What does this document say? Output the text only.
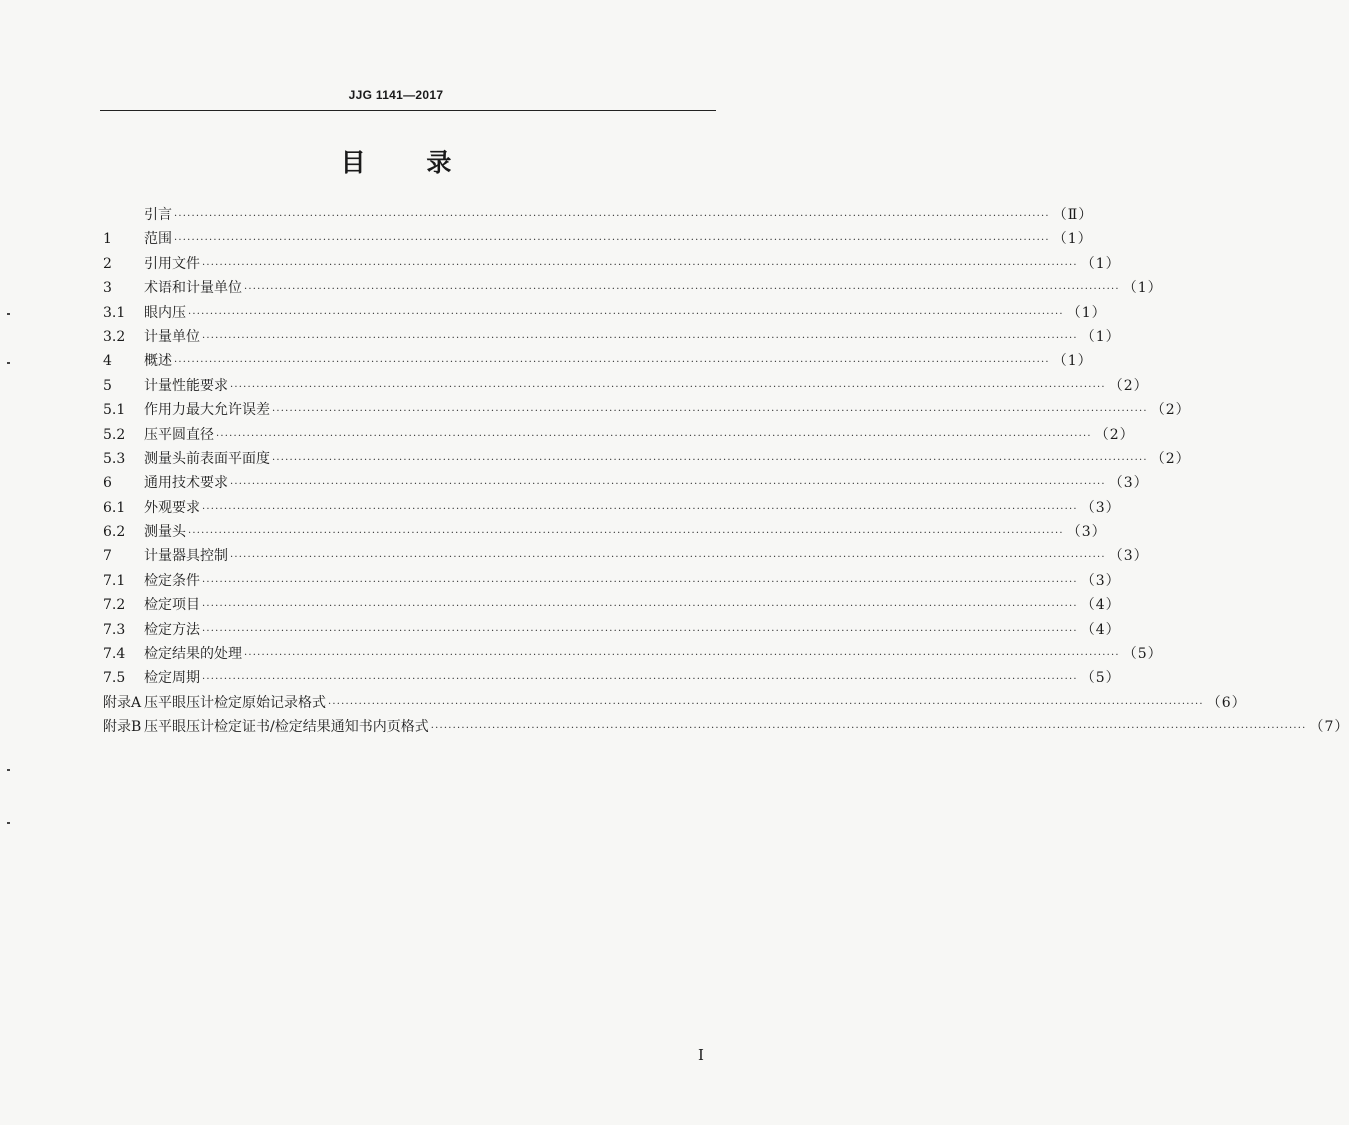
JJG 1141—2017
目 录
引言 ········································································································································································································ （Ⅱ）
1	范围 ········································································································································································································ （1）
2	引用文件 ········································································································································································································ （1）
3	术语和计量单位 ········································································································································································································ （1）
3.1	眼内压 ········································································································································································································ （1）
3.2	计量单位 ········································································································································································································ （1）
4	概述 ········································································································································································································ （1）
5	计量性能要求 ········································································································································································································ （2）
5.1	作用力最大允许误差 ········································································································································································································ （2）
5.2	压平圆直径 ········································································································································································································ （2）
5.3	测量头前表面平面度 ········································································································································································································ （2）
6	通用技术要求 ········································································································································································································ （3）
6.1	外观要求 ········································································································································································································ （3）
6.2	测量头 ········································································································································································································ （3）
7	计量器具控制 ········································································································································································································ （3）
7.1	检定条件 ········································································································································································································ （3）
7.2	检定项目 ········································································································································································································ （4）
7.3	检定方法 ········································································································································································································ （4）
7.4	检定结果的处理 ········································································································································································································ （5）
7.5	检定周期 ········································································································································································································ （5）
附录A 压平眼压计检定原始记录格式 ········································································································································································································ （6）
附录B 压平眼压计检定证书/检定结果通知书内页格式 ········································································································································································································ （7）
I
